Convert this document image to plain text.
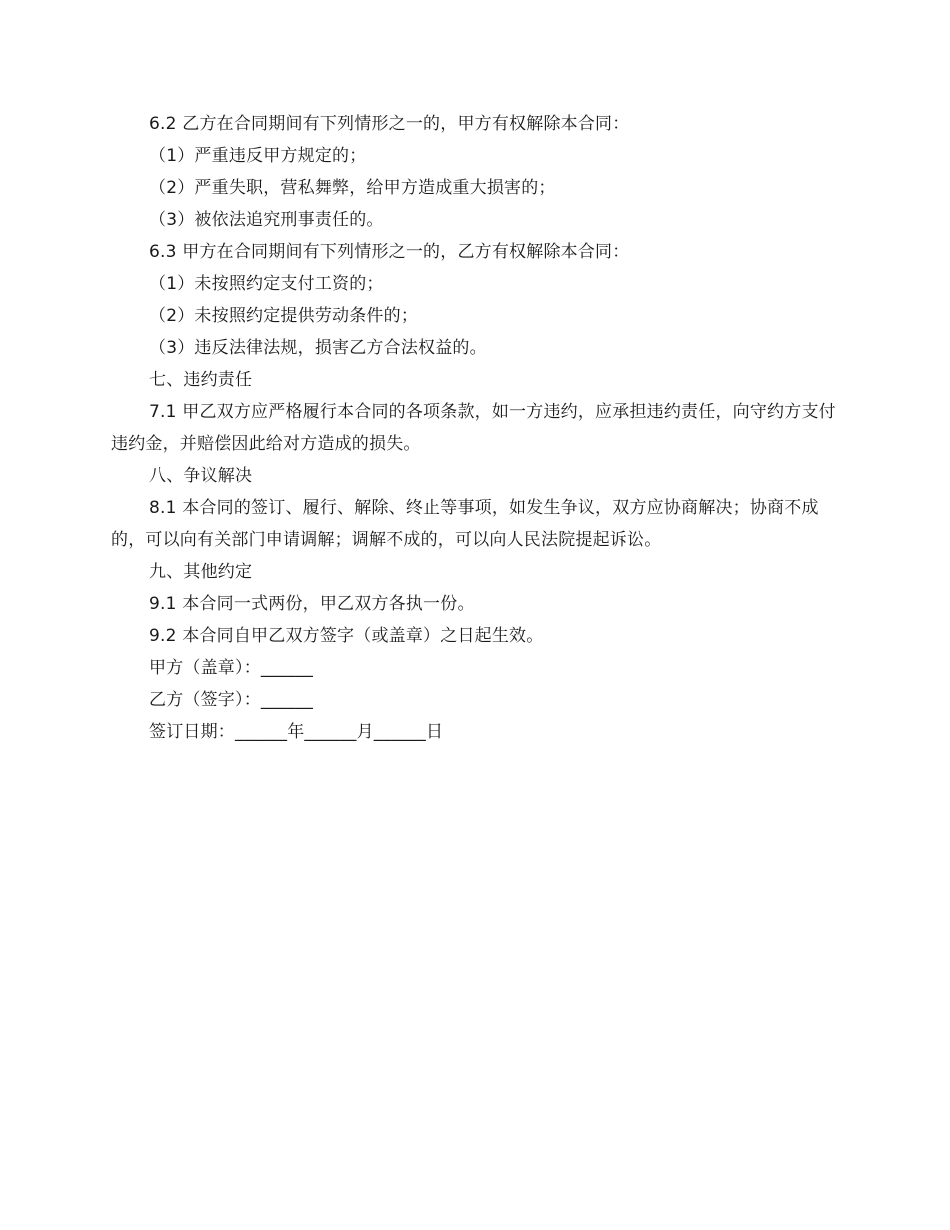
6.2 乙方在合同期间有下列情形之一的，甲方有权解除本合同：

（1）严重违反甲方规定的；

（2）严重失职，营私舞弊，给甲方造成重大损害的；

（3）被依法追究刑事责任的。

6.3 甲方在合同期间有下列情形之一的，乙方有权解除本合同：

（1）未按照约定支付工资的；

（2）未按照约定提供劳动条件的；

（3）违反法律法规，损害乙方合法权益的。

七、违约责任

7.1 甲乙双方应严格履行本合同的各项条款，如一方违约，应承担违约责任，向守约方支付违约金，并赔偿因此给对方造成的损失。

八、争议解决

8.1 本合同的签订、履行、解除、终止等事项，如发生争议，双方应协商解决；协商不成的，可以向有关部门申请调解；调解不成的，可以向人民法院提起诉讼。

九、其他约定

9.1 本合同一式两份，甲乙双方各执一份。

9.2 本合同自甲乙双方签字（或盖章）之日起生效。

甲方（盖章）：______

乙方（签字）：______

签订日期：______年______月______日
